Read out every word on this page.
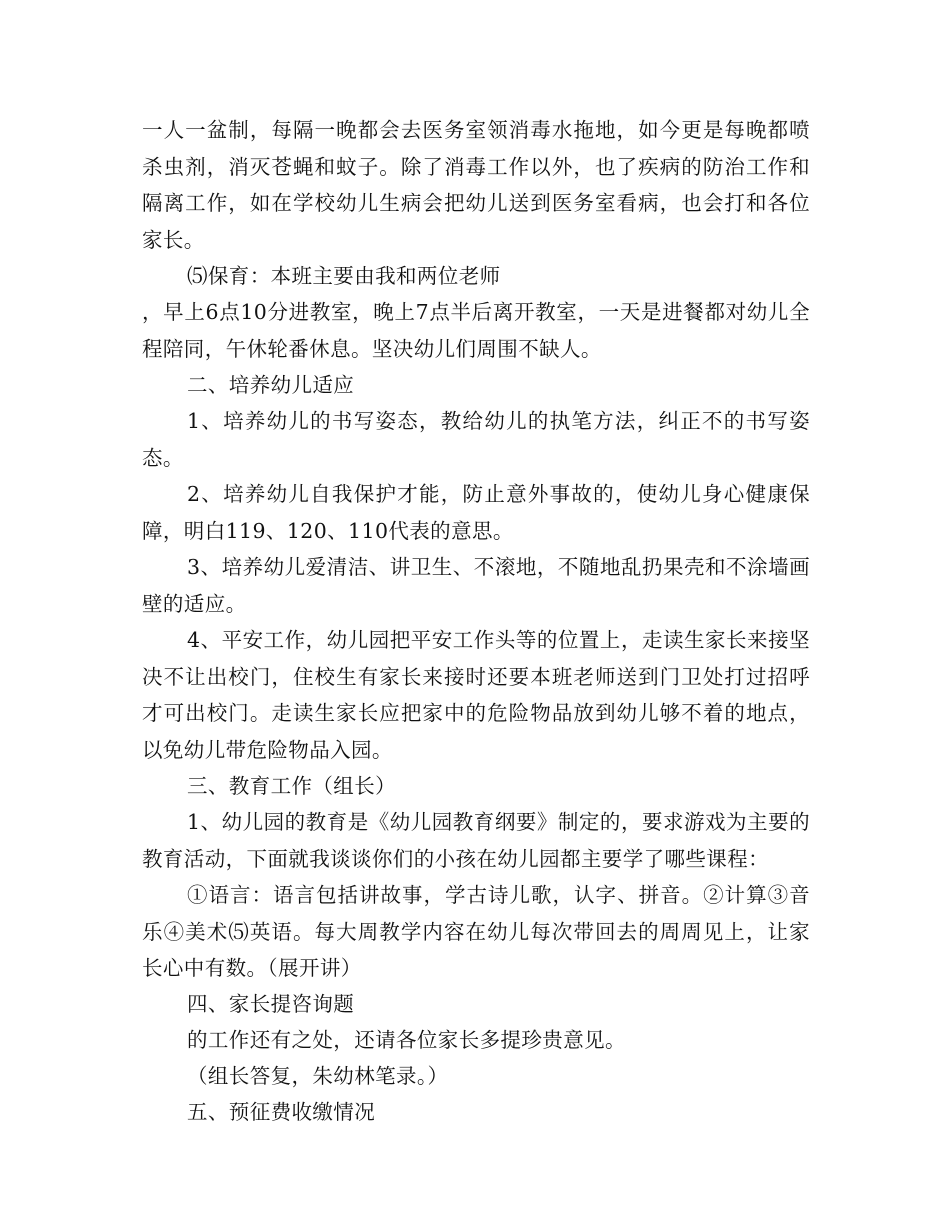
一人一盆制，每隔一晚都会去医务室领消毒水拖地，如今更是每晚都喷杀虫剂，消灭苍蝇和蚊子。除了消毒工作以外，也了疾病的防治工作和隔离工作，如在学校幼儿生病会把幼儿送到医务室看病，也会打和各位家长。

⑸保育：本班主要由我和两位老师

，早上6点10分进教室，晚上7点半后离开教室，一天是进餐都对幼儿全程陪同，午休轮番休息。坚决幼儿们周围不缺人。

二、培养幼儿适应

1、培养幼儿的书写姿态，教给幼儿的执笔方法，纠正不的书写姿态。

2、培养幼儿自我保护才能，防止意外事故的，使幼儿身心健康保障，明白119、120、110代表的意思。

3、培养幼儿爱清洁、讲卫生、不滚地，不随地乱扔果壳和不涂墙画壁的适应。

4、平安工作，幼儿园把平安工作头等的位置上，走读生家长来接坚决不让出校门，住校生有家长来接时还要本班老师送到门卫处打过招呼才可出校门。走读生家长应把家中的危险物品放到幼儿够不着的地点，以免幼儿带危险物品入园。

三、教育工作（组长）

1、幼儿园的教育是《幼儿园教育纲要》制定的，要求游戏为主要的教育活动，下面就我谈谈你们的小孩在幼儿园都主要学了哪些课程：

①语言：语言包括讲故事，学古诗儿歌，认字、拼音。②计算③音乐④美术⑸英语。每大周教学内容在幼儿每次带回去的周周见上，让家长心中有数。（展开讲）

四、家长提咨询题

的工作还有之处，还请各位家长多提珍贵意见。

（组长答复，朱幼林笔录。）

五、预征费收缴情况
